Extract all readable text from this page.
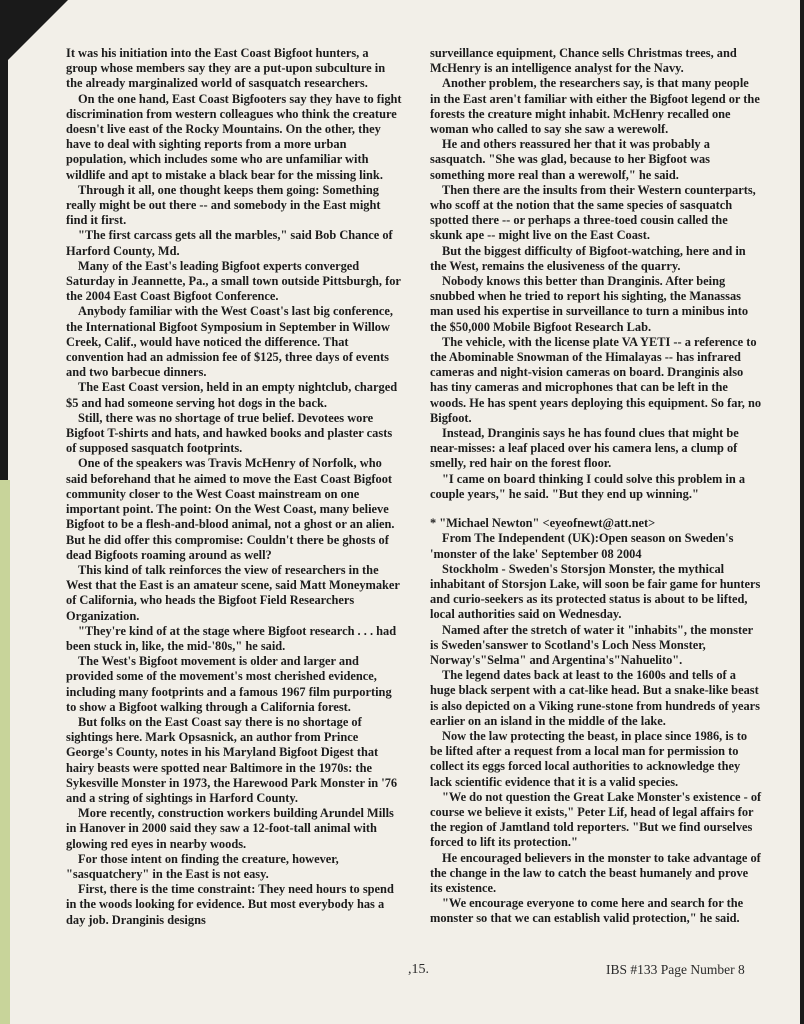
It was his initiation into the East Coast Bigfoot hunters, a group whose members say they are a put-upon subculture in the already marginalized world of sasquatch researchers.

On the one hand, East Coast Bigfooters say they have to fight discrimination from western colleagues who think the creature doesn't live east of the Rocky Mountains. On the other, they have to deal with sighting reports from a more urban population, which includes some who are unfamiliar with wildlife and apt to mistake a black bear for the missing link.

Through it all, one thought keeps them going: Something really might be out there -- and somebody in the East might find it first.

"The first carcass gets all the marbles," said Bob Chance of Harford County, Md.

Many of the East's leading Bigfoot experts converged Saturday in Jeannette, Pa., a small town outside Pittsburgh, for the 2004 East Coast Bigfoot Conference.

Anybody familiar with the West Coast's last big conference, the International Bigfoot Symposium in September in Willow Creek, Calif., would have noticed the difference. That convention had an admission fee of $125, three days of events and two barbecue dinners.

The East Coast version, held in an empty nightclub, charged $5 and had someone serving hot dogs in the back.

Still, there was no shortage of true belief. Devotees wore Bigfoot T-shirts and hats, and hawked books and plaster casts of supposed sasquatch footprints.

One of the speakers was Travis McHenry of Norfolk, who said beforehand that he aimed to move the East Coast Bigfoot community closer to the West Coast mainstream on one important point. The point: On the West Coast, many believe Bigfoot to be a flesh-and-blood animal, not a ghost or an alien. But he did offer this compromise: Couldn't there be ghosts of dead Bigfoots roaming around as well?

This kind of talk reinforces the view of researchers in the West that the East is an amateur scene, said Matt Moneymaker of California, who heads the Bigfoot Field Researchers Organization.

"They're kind of at the stage where Bigfoot research . . . had been stuck in, like, the mid-'80s," he said.

The West's Bigfoot movement is older and larger and provided some of the movement's most cherished evidence, including many footprints and a famous 1967 film purporting to show a Bigfoot walking through a California forest.

But folks on the East Coast say there is no shortage of sightings here. Mark Opsasnick, an author from Prince George's County, notes in his Maryland Bigfoot Digest that hairy beasts were spotted near Baltimore in the 1970s: the Sykesville Monster in 1973, the Harewood Park Monster in '76 and a string of sightings in Harford County.

More recently, construction workers building Arundel Mills in Hanover in 2000 said they saw a 12-foot-tall animal with glowing red eyes in nearby woods.

For those intent on finding the creature, however, "sasquatchery" in the East is not easy.

First, there is the time constraint: They need hours to spend in the woods looking for evidence. But most everybody has a day job. Dranginis designs

surveillance equipment, Chance sells Christmas trees, and McHenry is an intelligence analyst for the Navy.

Another problem, the researchers say, is that many people in the East aren't familiar with either the Bigfoot legend or the forests the creature might inhabit. McHenry recalled one woman who called to say she saw a werewolf.

He and others reassured her that it was probably a sasquatch. "She was glad, because to her Bigfoot was something more real than a werewolf," he said.

Then there are the insults from their Western counterparts, who scoff at the notion that the same species of sasquatch spotted there -- or perhaps a three-toed cousin called the skunk ape -- might live on the East Coast.

But the biggest difficulty of Bigfoot-watching, here and in the West, remains the elusiveness of the quarry.

Nobody knows this better than Dranginis. After being snubbed when he tried to report his sighting, the Manassas man used his expertise in surveillance to turn a minibus into the $50,000 Mobile Bigfoot Research Lab.

The vehicle, with the license plate VA YETI -- a reference to the Abominable Snowman of the Himalayas -- has infrared cameras and night-vision cameras on board. Dranginis also has tiny cameras and microphones that can be left in the woods. He has spent years deploying this equipment. So far, no Bigfoot.

Instead, Dranginis says he has found clues that might be near-misses: a leaf placed over his camera lens, a clump of smelly, red hair on the forest floor.

"I came on board thinking I could solve this problem in a couple years," he said. "But they end up winning."

* "Michael Newton" <eyeofnewt@att.net>

From The Independent (UK):Open season on Sweden's 'monster of the lake' September 08 2004

Stockholm - Sweden's Storsjon Monster, the mythical inhabitant of Storsjon Lake, will soon be fair game for hunters and curio-seekers as its protected status is about to be lifted, local authorities said on Wednesday.

Named after the stretch of water it "inhabits", the monster is Sweden'sanswer to Scotland's Loch Ness Monster, Norway's"Selma" and Argentina's"Nahuelito".

The legend dates back at least to the 1600s and tells of a huge black serpent with a cat-like head. But a snake-like beast is also depicted on a Viking rune-stone from hundreds of years earlier on an island in the middle of the lake.

Now the law protecting the beast, in place since 1986, is to be lifted after a request from a local man for permission to collect its eggs forced local authorities to acknowledge they lack scientific evidence that it is a valid species.

"We do not question the Great Lake Monster's existence - of course we believe it exists," Peter Lif, head of legal affairs for the region of Jamtland told reporters. "But we find ourselves forced to lift its protection."

He encouraged believers in the monster to take advantage of the change in the law to catch the beast humanely and prove its existence.

"We encourage everyone to come here and search for the monster so that we can establish valid protection," he said.

,15.	IBS #133 Page Number 8
